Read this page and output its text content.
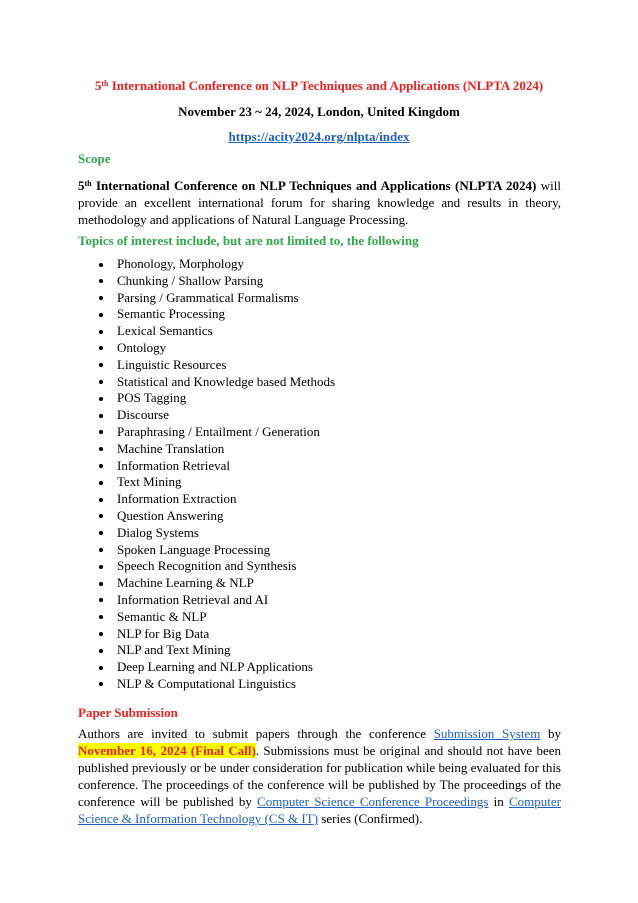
5th International Conference on NLP Techniques and Applications (NLPTA 2024)
November 23 ~ 24, 2024, London, United Kingdom
https://acity2024.org/nlpta/index
Scope
5th International Conference on NLP Techniques and Applications (NLPTA 2024) will provide an excellent international forum for sharing knowledge and results in theory, methodology and applications of Natural Language Processing.
Topics of interest include, but are not limited to, the following
Phonology, Morphology
Chunking / Shallow Parsing
Parsing / Grammatical Formalisms
Semantic Processing
Lexical Semantics
Ontology
Linguistic Resources
Statistical and Knowledge based Methods
POS Tagging
Discourse
Paraphrasing / Entailment / Generation
Machine Translation
Information Retrieval
Text Mining
Information Extraction
Question Answering
Dialog Systems
Spoken Language Processing
Speech Recognition and Synthesis
Machine Learning & NLP
Information Retrieval and AI
Semantic & NLP
NLP for Big Data
NLP and Text Mining
Deep Learning and NLP Applications
NLP & Computational Linguistics
Paper Submission
Authors are invited to submit papers through the conference Submission System by November 16, 2024 (Final Call). Submissions must be original and should not have been published previously or be under consideration for publication while being evaluated for this conference. The proceedings of the conference will be published by The proceedings of the conference will be published by Computer Science Conference Proceedings in Computer Science & Information Technology (CS & IT) series (Confirmed).
